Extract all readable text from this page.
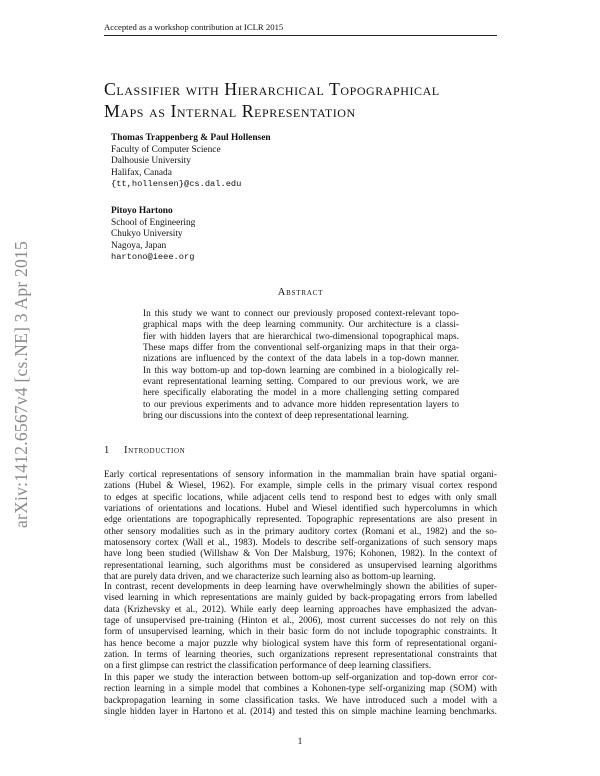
Accepted as a workshop contribution at ICLR 2015
arXiv:1412.6567v4 [cs.NE] 3 Apr 2015
Classifier with Hierarchical Topographical
Maps as Internal Representation
Thomas Trappenberg & Paul Hollensen
Faculty of Computer Science
Dalhousie University
Halifax, Canada
{tt,hollensen}@cs.dal.edu
Pitoyo Hartono
School of Engineering
Chukyo University
Nagoya, Japan
hartono@ieee.org
Abstract
In this study we want to connect our previously proposed context-relevant topo-
graphical maps with the deep learning community. Our architecture is a classi-
fier with hidden layers that are hierarchical two-dimensional topographical maps.
These maps differ from the conventional self-organizing maps in that their orga-
nizations are influenced by the context of the data labels in a top-down manner.
In this way bottom-up and top-down learning are combined in a biologically rel-
evant representational learning setting. Compared to our previous work, we are
here specifically elaborating the model in a more challenging setting compared
to our previous experiments and to advance more hidden representation layers to
bring our discussions into the context of deep representational learning.
1 Introduction
Early cortical representations of sensory information in the mammalian brain have spatial organi-
zations (Hubel & Wiesel, 1962). For example, simple cells in the primary visual cortex respond
to edges at specific locations, while adjacent cells tend to respond best to edges with only small
variations of orientations and locations. Hubel and Wiesel identified such hypercolumns in which
edge orientations are topographically represented. Topographic representations are also present in
other sensory modalities such as in the primary auditory cortex (Romani et al., 1982) and the so-
matosensory cortex (Wall et al., 1983). Models to describe self-organizations of such sensory maps
have long been studied (Willshaw & Von Der Malsburg, 1976; Kohonen, 1982). In the context of
representational learning, such algorithms must be considered as unsupervised learning algorithms
that are purely data driven, and we characterize such learning also as bottom-up learning.
In contrast, recent developments in deep learning have overwhelmingly shown the abilities of super-
vised learning in which representations are mainly guided by back-propagating errors from labelled
data (Krizhevsky et al., 2012). While early deep learning approaches have emphasized the advan-
tage of unsupervised pre-training (Hinton et al., 2006), most current successes do not rely on this
form of unsupervised learning, which in their basic form do not include topographic constraints. It
has hence become a major puzzle why biological system have this form of representational organi-
zation. In terms of learning theories, such organizations represent representational constraints that
on a first glimpse can restrict the classification performance of deep learning classifiers.
In this paper we study the interaction between bottom-up self-organization and top-down error cor-
rection learning in a simple model that combines a Kohonen-type self-organizing map (SOM) with
backpropagation learning in some classification tasks. We have introduced such a model with a
single hidden layer in Hartono et al. (2014) and tested this on simple machine learning benchmarks.
1
